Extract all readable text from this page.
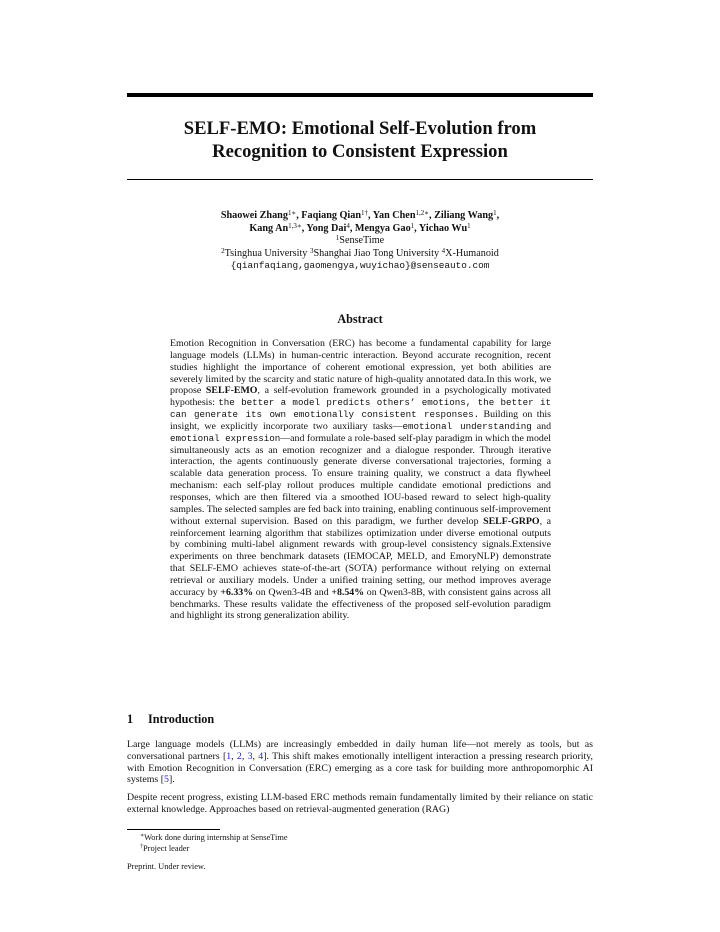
SELF-EMO: Emotional Self-Evolution from
Recognition to Consistent Expression
Shaowei Zhang$^{1∗}$, Faqiang Qian$^{1\dagger}$, Yan Chen$^{1,2∗}$, Ziliang Wang$^1$,
Kang $An^{1,3∗}$, Yong Dai$^4$, Mengya Gao$^1$, Yichao Wu$^1$
$^1$SenseTime
$^2$Tsinghua University $^3$Shanghai Jiao Tong University $^4$X-Humanoid
{qianfaqiang,gaomengya,wuyichao}@senseauto.com
Abstract

Emotion Recognition in Conversation (ERC) has become a fundamental capability for large language models (LLMs) in human-centric interaction. Beyond accurate recognition, recent studies highlight the importance of coherent emotional expression, yet both abilities are severely limited by the scarcity and static nature of high-quality annotated data.In this work, we propose SELF-EMO, a self-evolution framework grounded in a psychologically motivated hypothesis: the better a model predicts others’ emotions, the better it can generate its own emotionally consistent responses. Building on this insight, we explicitly incorporate two auxiliary tasks—emotional understanding and emotional expression—and formulate a role-based self-play paradigm in which the model simultaneously acts as an emotion recognizer and a dialogue responder. Through iterative interaction, the agents continuously generate diverse conversational trajectories, forming a scalable data generation process. To ensure training quality, we construct a data flywheel mechanism: each self-play rollout produces multiple candidate emotional predictions and responses, which are then filtered via a smoothed IOU-based reward to select high-quality samples. The selected samples are fed back into training, enabling continuous self-improvement without external supervision. Based on this paradigm, we further develop SELF-GRPO, a reinforcement learning algorithm that stabilizes optimization under diverse emotional outputs by combining multi-label alignment rewards with group-level consistency signals.Extensive experiments on three benchmark datasets (IEMOCAP, MELD, and EmoryNLP) demonstrate that SELF-EMO achieves state-of-the-art (SOTA) performance without relying on external retrieval or auxiliary models. Under a unified training setting, our method improves average accuracy by +6.33% on Qwen3-4B and +8.54% on Qwen3-8B, with consistent gains across all benchmarks. These results validate the effectiveness of the proposed self-evolution paradigm and highlight its strong generalization ability.

1 Introduction

Large language models (LLMs) are increasingly embedded in daily human life—not merely as tools, but as conversational partners [1, 2, 3, 4]. This shift makes emotionally intelligent interaction a pressing research priority, with Emotion Recognition in Conversation (ERC) emerging as a core task for building more anthropomorphic AI systems [5].

Despite recent progress, existing LLM-based ERC methods remain fundamentally limited by their reliance on static external knowledge. Approaches based on retrieval-augmented generation (RAG)

∗Work done during internship at SenseTime
†Project leader
Preprint. Under review.
